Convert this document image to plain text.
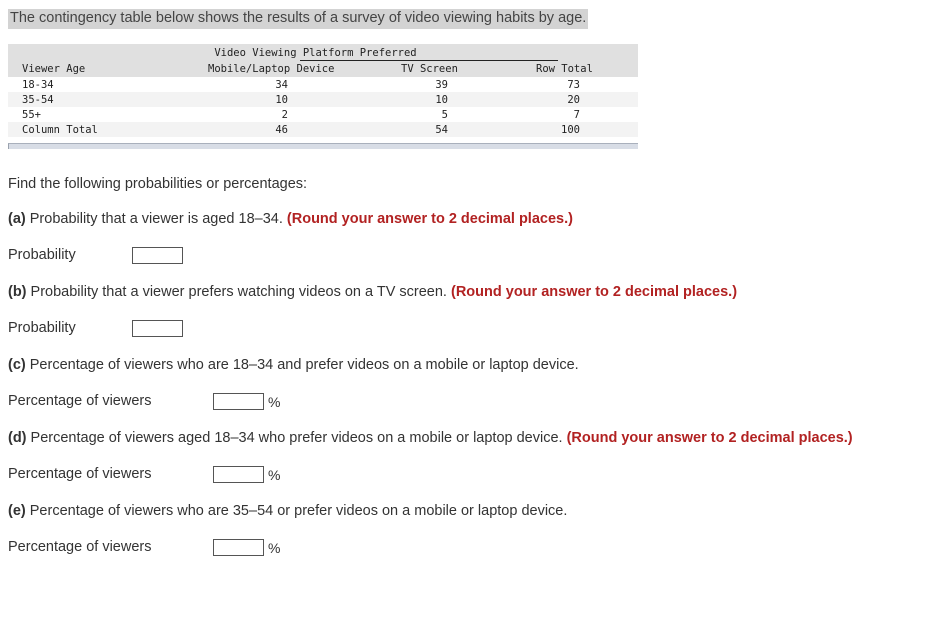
The contingency table below shows the results of a survey of video viewing habits by age.
Video Viewing Platform Preferred
Viewer Age	Mobile/Laptop Device	TV Screen	Row Total
18-34	34	39	73
35-54	10	10	20
55+	2	5	7
Column Total	46	54	100
Find the following probabilities or percentages:
(a) Probability that a viewer is aged 18–34. (Round your answer to 2 decimal places.)
Probability
(b) Probability that a viewer prefers watching videos on a TV screen. (Round your answer to 2 decimal places.)
Probability
(c) Percentage of viewers who are 18–34 and prefer videos on a mobile or laptop device.
Percentage of viewers	%
(d) Percentage of viewers aged 18–34 who prefer videos on a mobile or laptop device. (Round your answer to 2 decimal places.)
Percentage of viewers	%
(e) Percentage of viewers who are 35–54 or prefer videos on a mobile or laptop device.
Percentage of viewers	%
